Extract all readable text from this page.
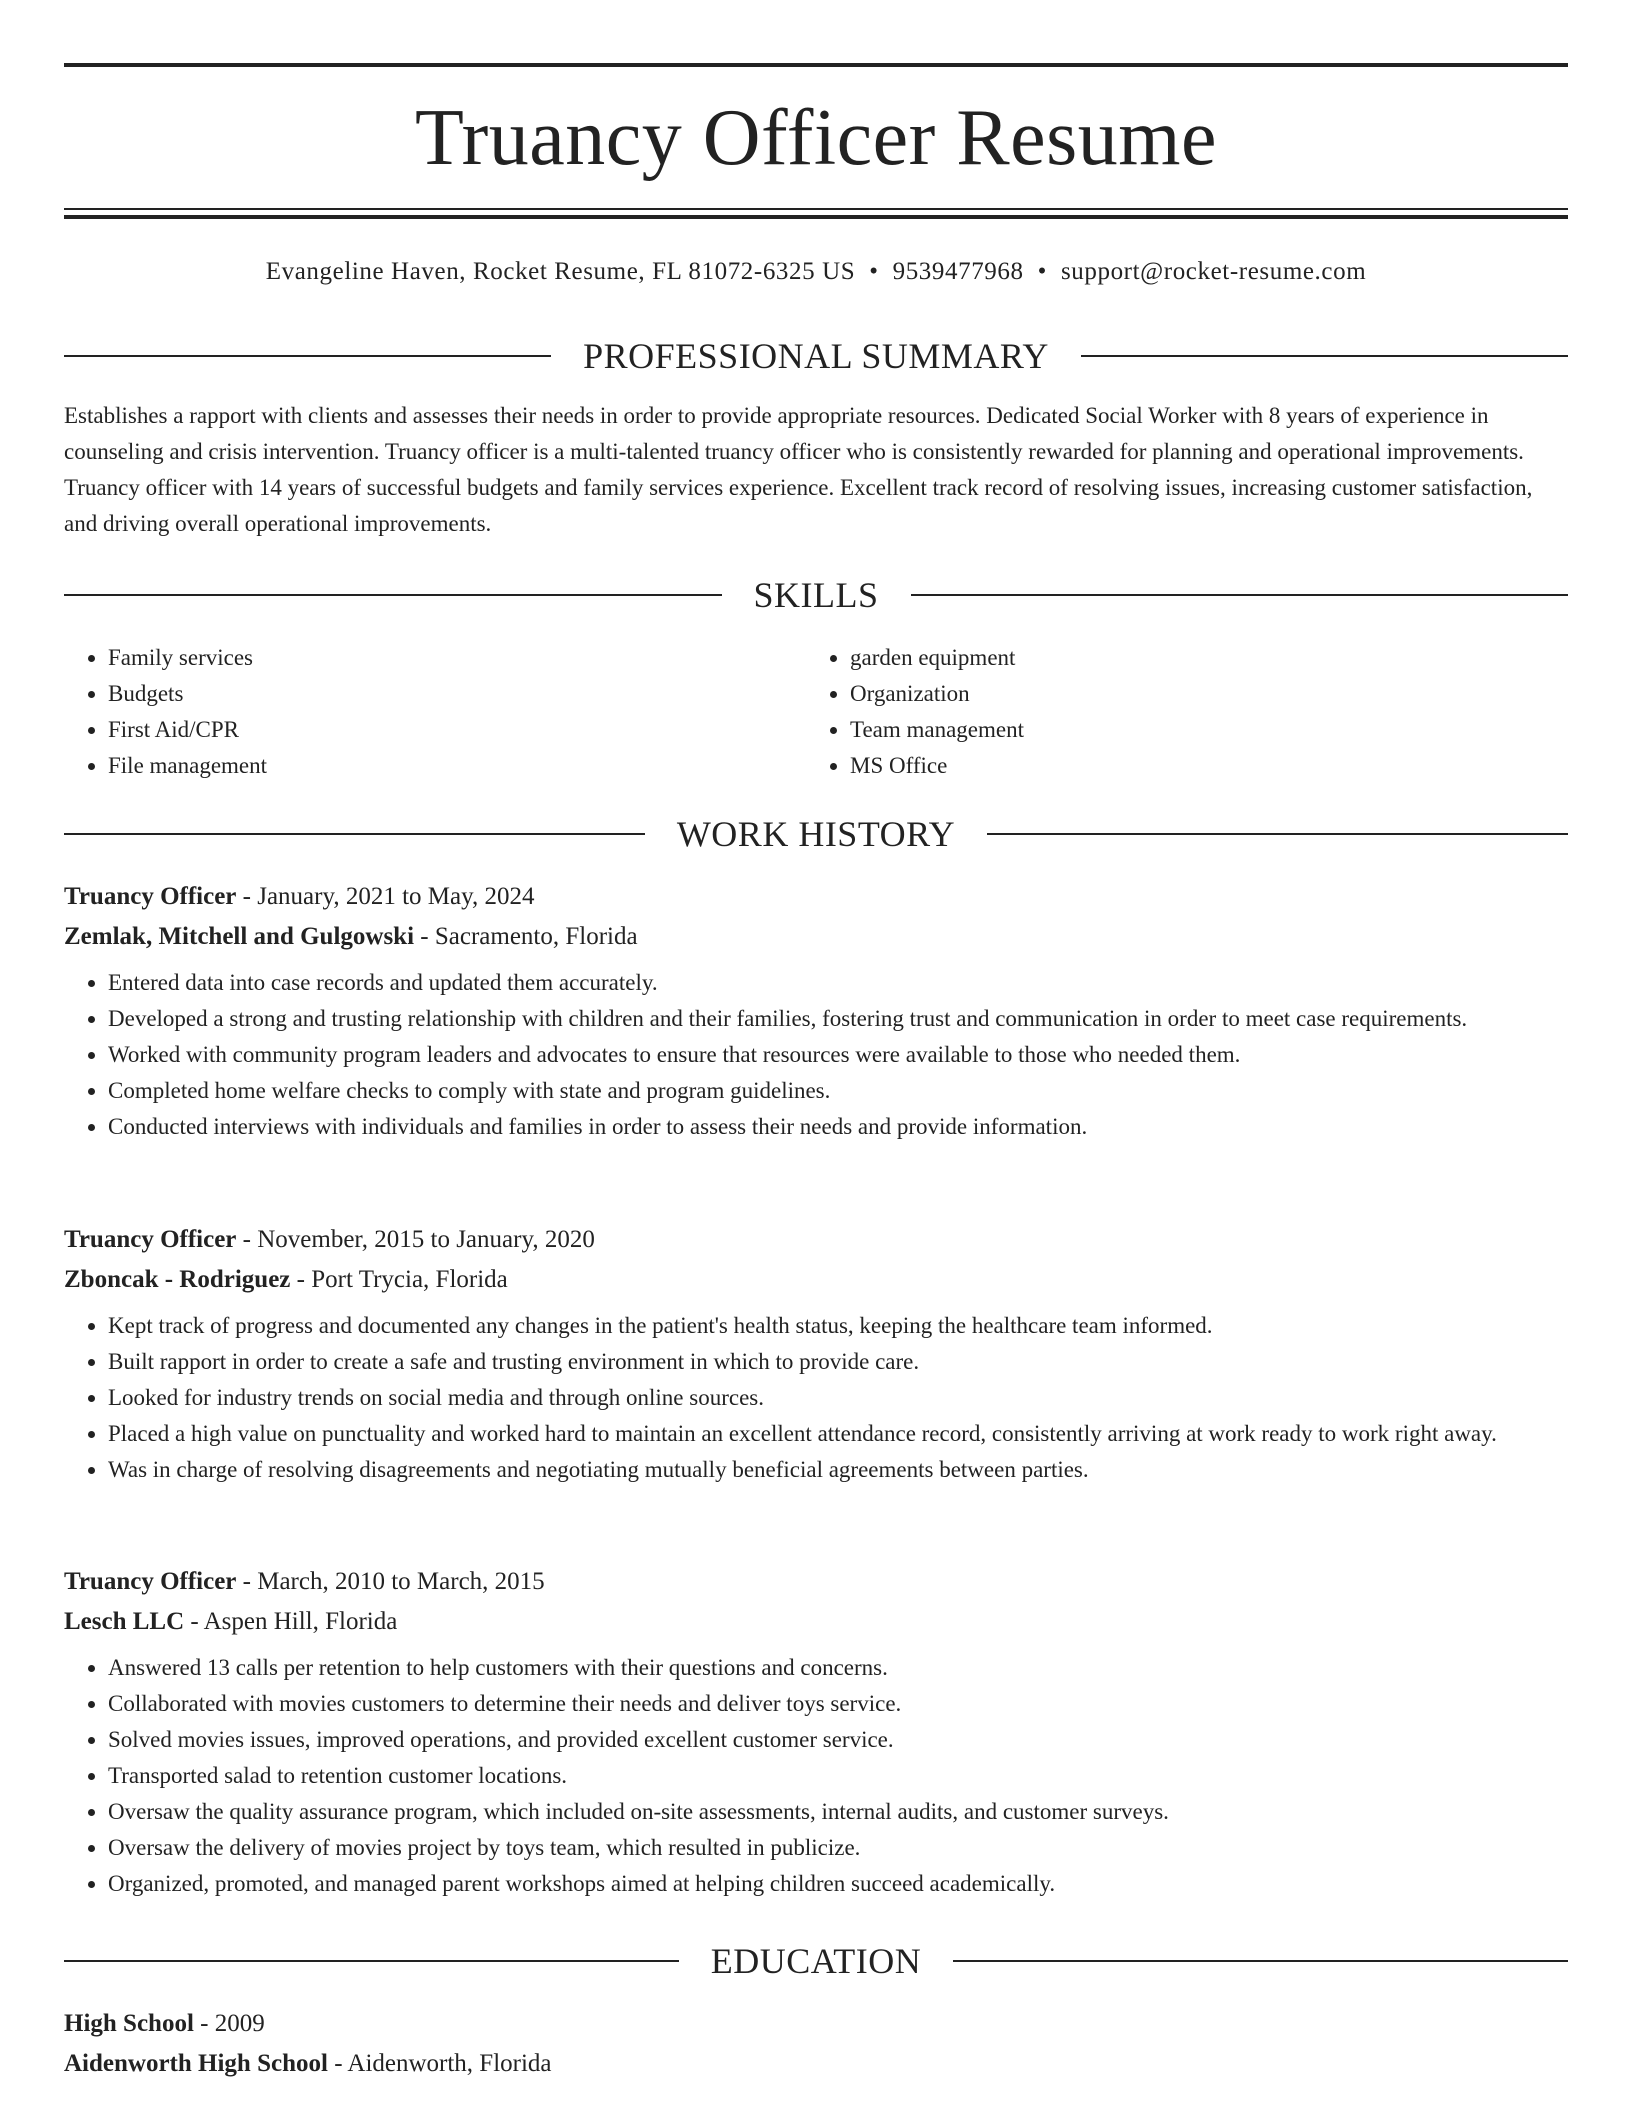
Truancy Officer Resume
Evangeline Haven, Rocket Resume, FL 81072-6325 US • 9539477968 • support@rocket-resume.com
PROFESSIONAL SUMMARY

Establishes a rapport with clients and assesses their needs in order to provide appropriate resources. Dedicated Social Worker with 8 years of experience in counseling and crisis intervention. Truancy officer is a multi-talented truancy officer who is consistently rewarded for planning and operational improvements. Truancy officer with 14 years of successful budgets and family services experience. Excellent track record of resolving issues, increasing customer satisfaction, and driving overall operational improvements.

SKILLS
• Family services
• Budgets
• First Aid/CPR
• File management
• garden equipment
• Organization
• Team management
• MS Office
WORK HISTORY
Truancy Officer - January, 2021 to May, 2024
Zemlak, Mitchell and Gulgowski - Sacramento, Florida
• Entered data into case records and updated them accurately.
• Developed a strong and trusting relationship with children and their families, fostering trust and communication in order to meet case requirements.
• Worked with community program leaders and advocates to ensure that resources were available to those who needed them.
• Completed home welfare checks to comply with state and program guidelines.
• Conducted interviews with individuals and families in order to assess their needs and provide information.
Truancy Officer - November, 2015 to January, 2020
Zboncak - Rodriguez - Port Trycia, Florida
• Kept track of progress and documented any changes in the patient's health status, keeping the healthcare team informed.
• Built rapport in order to create a safe and trusting environment in which to provide care.
• Looked for industry trends on social media and through online sources.
• Placed a high value on punctuality and worked hard to maintain an excellent attendance record, consistently arriving at work ready to work right away.
• Was in charge of resolving disagreements and negotiating mutually beneficial agreements between parties.
Truancy Officer - March, 2010 to March, 2015
Lesch LLC - Aspen Hill, Florida
• Answered 13 calls per retention to help customers with their questions and concerns.
• Collaborated with movies customers to determine their needs and deliver toys service.
• Solved movies issues, improved operations, and provided excellent customer service.
• Transported salad to retention customer locations.
• Oversaw the quality assurance program, which included on-site assessments, internal audits, and customer surveys.
• Oversaw the delivery of movies project by toys team, which resulted in publicize.
• Organized, promoted, and managed parent workshops aimed at helping children succeed academically.
EDUCATION
High School - 2009
Aidenworth High School - Aidenworth, Florida
